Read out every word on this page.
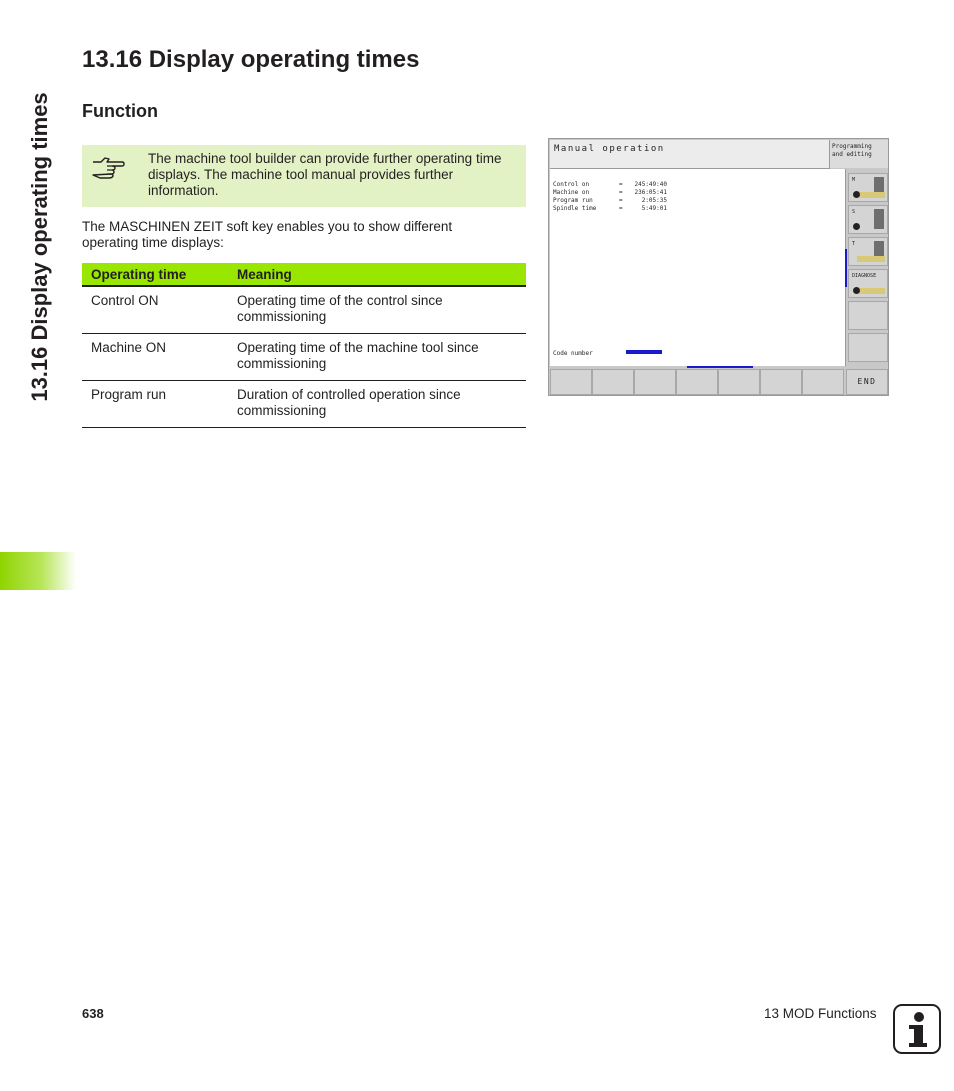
13.16 Display operating times
13.16 Display operating times
Function
The machine tool builder can provide further operating time displays. The machine tool manual provides further information.
The MASCHINEN ZEIT soft key enables you to show different operating time displays:
Operating time	Meaning
Control ON	Operating time of the control since commissioning
Machine ON	Operating time of the machine tool since commissioning
Program run	Duration of controlled operation since commissioning
Manual operation	Programming and editing
Control on	= 245:49:40
Machine on	= 236:05:41
Program run	=	2:05:35
Spindle time	=	5:49:01
Code number
M
S
T
DIAGNOSE
END
638	13 MOD Functions
